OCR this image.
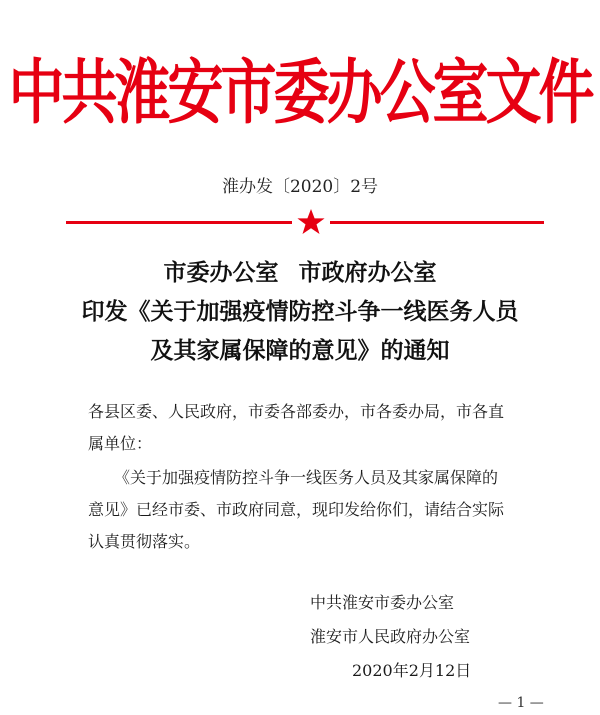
中共淮安市委办公室文件
淮办发〔2020〕2号
市委办公室 市政府办公室
印发《关于加强疫情防控斗争一线医务人员
及其家属保障的意见》的通知
各县区委、人民政府，市委各部委办，市各委办局，市各直
属单位：
《关于加强疫情防控斗争一线医务人员及其家属保障的
意见》已经市委、市政府同意，现印发给你们，请结合实际
认真贯彻落实。
中共淮安市委办公室
淮安市人民政府办公室
2020年2月12日
— 1 —
